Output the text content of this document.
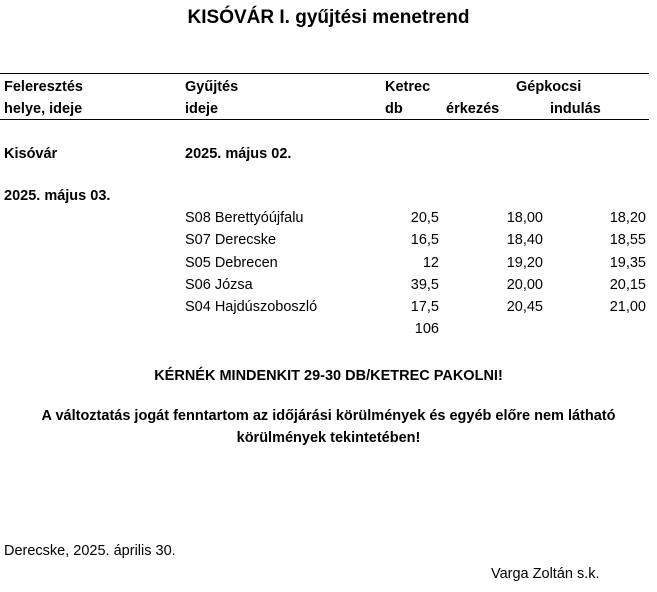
KISÓVÁR I. gyűjtési menetrend
Feleresztés	Gyűjtés	Ketrec	Gépkocsi
helye, ideje	ideje	db	érkezés	indulás
Kisóvár	2025. május 02.
2025. május 03.
S08 Berettyóújfalu	20,5	18,00	18,20
S07 Derecske	16,5	18,40	18,55
S05 Debrecen	12	19,20	19,35
S06 Józsa	39,5	20,00	20,15
S04 Hajdúszoboszló	17,5	20,45	21,00
106
KÉRNÉK MINDENKIT 29-30 DB/KETREC PAKOLNI!
A változtatás jogát fenntartom az időjárási körülmények és egyéb előre nem látható
körülmények tekintetében!
Derecske, 2025. április 30.
Varga Zoltán s.k.
